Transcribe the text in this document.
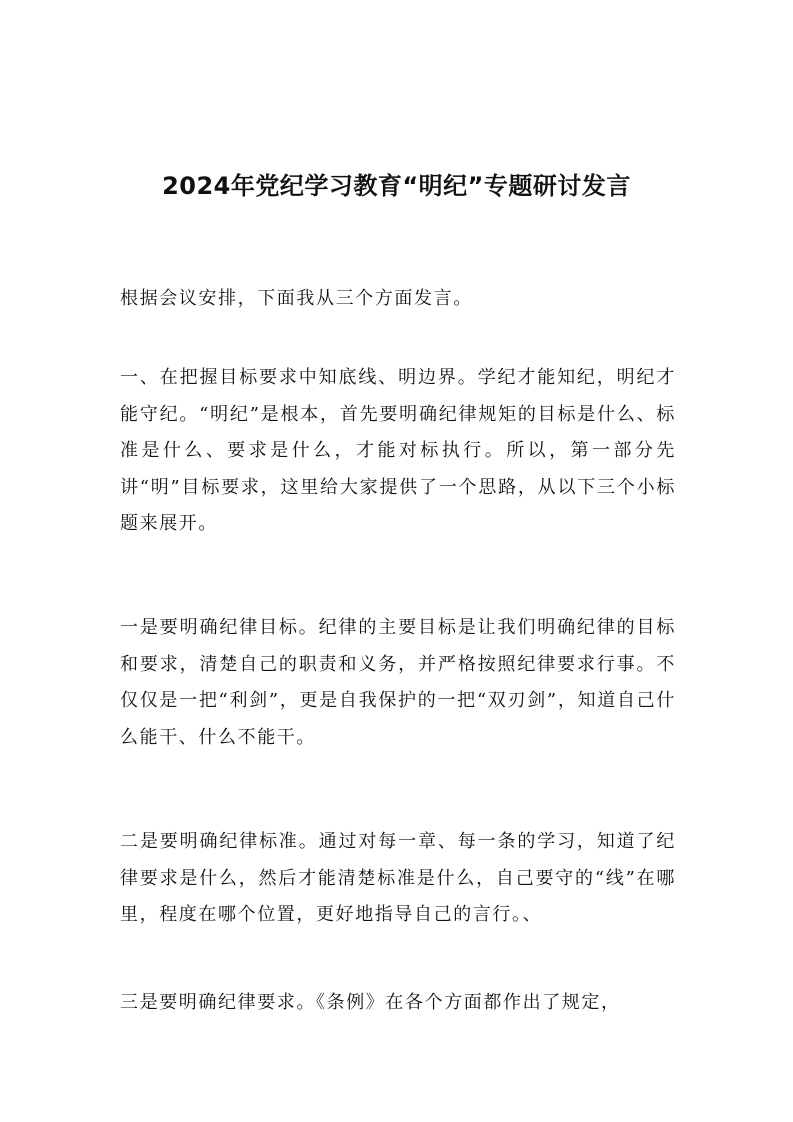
2024年党纪学习教育“明纪”专题研讨发言

根据会议安排，下面我从三个方面发言。

一、在把握目标要求中知底线、明边界。学纪才能知纪，明纪才能守纪。“明纪”是根本，首先要明确纪律规矩的目标是什么、标准是什么、要求是什么，才能对标执行。所以，第一部分先讲“明”目标要求，这里给大家提供了一个思路，从以下三个小标题来展开。

一是要明确纪律目标。纪律的主要目标是让我们明确纪律的目标和要求，清楚自己的职责和义务，并严格按照纪律要求行事。不仅仅是一把“利剑”，更是自我保护的一把“双刃剑”，知道自己什么能干、什么不能干。

二是要明确纪律标准。通过对每一章、每一条的学习，知道了纪律要求是什么，然后才能清楚标准是什么，自己要守的“线”在哪里，程度在哪个位置，更好地指导自己的言行。、

三是要明确纪律要求。《条例》在各个方面都作出了规定，
